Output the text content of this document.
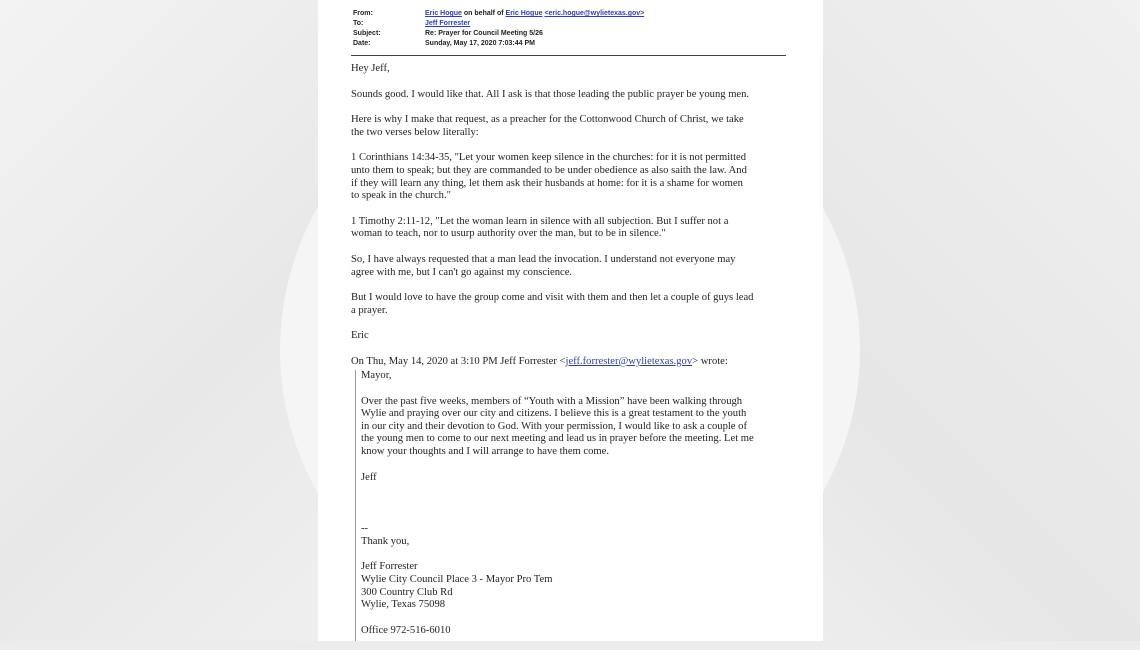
From:	Eric Hogue on behalf of Eric Hogue <eric.hogue@wylietexas.gov>
To:	Jeff Forrester
Subject:	Re: Prayer for Council Meeting 5/26
Date:	Sunday, May 17, 2020 7:03:44 PM

Hey Jeff,

Sounds good. I would like that. All I ask is that those leading the public prayer be young men.

Here is why I make that request, as a preacher for the Cottonwood Church of Christ, we take
the two verses below literally:

1 Corinthians 14:34-35, "Let your women keep silence in the churches: for it is not permitted
unto them to speak; but they are commanded to be under obedience as also saith the law. And
if they will learn any thing, let them ask their husbands at home: for it is a shame for women
to speak in the church."

1 Timothy 2:11-12, "Let the woman learn in silence with all subjection. But I suffer not a
woman to teach, nor to usurp authority over the man, but to be in silence."

So, I have always requested that a man lead the invocation. I understand not everyone may
agree with me, but I can't go against my conscience.

But I would love to have the group come and visit with them and then let a couple of guys lead
a prayer.

Eric

On Thu, May 14, 2020 at 3:10 PM Jeff Forrester <jeff.forrester@wylietexas.gov> wrote:

Mayor,

Over the past five weeks, members of “Youth with a Mission” have been walking through
Wylie and praying over our city and citizens. I believe this is a great testament to the youth
in our city and their devotion to God. With your permission, I would like to ask a couple of
the young men to come to our next meeting and lead us in prayer before the meeting. Let me
know your thoughts and I will arrange to have them come.

Jeff

--

Thank you,

Jeff Forrester
Wylie City Council Place 3 - Mayor Pro Tem
300 Country Club Rd
Wylie, Texas 75098

Office 972-516-6010
